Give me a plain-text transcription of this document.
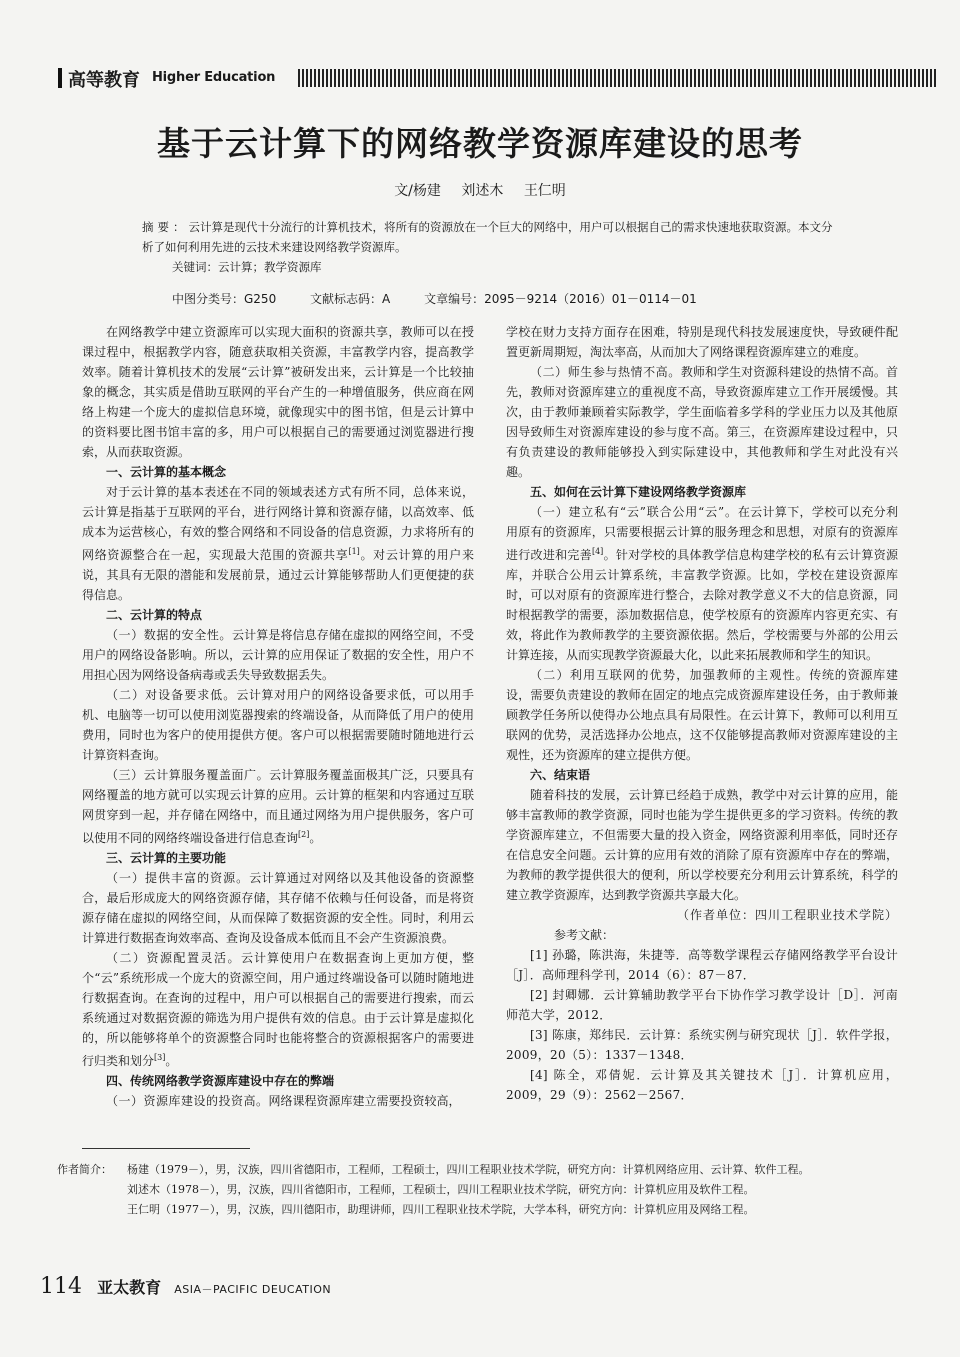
高等教育 Higher Education
基于云计算下的网络教学资源库建设的思考
文/杨建 刘述木 王仁明
摘要：云计算是现代十分流行的计算机技术，将所有的资源放在一个巨大的网络中，用户可以根据自己的需求快速地获取资源。本文分析了如何利用先进的云技术来建设网络教学资源库。
关键词：云计算；教学资源库
中图分类号：G250	文献标志码：A	文章编号：2095－9214（2016）01－0114－01

在网络教学中建立资源库可以实现大面积的资源共享，教师可以在授课过程中，根据教学内容，随意获取相关资源，丰富教学内容，提高教学效率。随着计算机技术的发展“云计算”被研发出来，云计算是一个比较抽象的概念，其实质是借助互联网的平台产生的一种增值服务，供应商在网络上构建一个庞大的虚拟信息环境，就像现实中的图书馆，但是云计算中的资料要比图书馆丰富的多，用户可以根据自己的需要通过浏览器进行搜索，从而获取资源。

一、云计算的基本概念

对于云计算的基本表述在不同的领域表述方式有所不同，总体来说，云计算是指基于互联网的平台，进行网络计算和资源存储，以高效率、低成本为运营核心，有效的整合网络和不同设备的信息资源，力求将所有的网络资源整合在一起，实现最大范围的资源共享[1]。对云计算的用户来说，其具有无限的潜能和发展前景，通过云计算能够帮助人们更便捷的获得信息。

二、云计算的特点

（一）数据的安全性。云计算是将信息存储在虚拟的网络空间，不受用户的网络设备影响。所以，云计算的应用保证了数据的安全性，用户不用担心因为网络设备病毒或丢失导致数据丢失。

（二）对设备要求低。云计算对用户的网络设备要求低，可以用手机、电脑等一切可以使用浏览器搜索的终端设备，从而降低了用户的使用费用，同时也为客户的使用提供方便。客户可以根据需要随时随地进行云计算资料查询。

（三）云计算服务覆盖面广。云计算服务覆盖面极其广泛，只要具有网络覆盖的地方就可以实现云计算的应用。云计算的框架和内容通过互联网贯穿到一起，并存储在网络中，而且通过网络为用户提供服务，客户可以使用不同的网络终端设备进行信息查询[2]。

三、云计算的主要功能

（一）提供丰富的资源。云计算通过对网络以及其他设备的资源整合，最后形成庞大的网络资源存储，其存储不依赖与任何设备，而是将资源存储在虚拟的网络空间，从而保障了数据资源的安全性。同时，利用云计算进行数据查询效率高、查询及设备成本低而且不会产生资源浪费。

（二）资源配置灵活。云计算使用户在数据查询上更加方便，整个“云”系统形成一个庞大的资源空间，用户通过终端设备可以随时随地进行数据查询。在查询的过程中，用户可以根据自己的需要进行搜索，而云系统通过对数据资源的筛选为用户提供有效的信息。由于云计算是虚拟化的，所以能够将单个的资源整合同时也能将整合的资源根据客户的需要进行归类和划分[3]。

四、传统网络教学资源库建设中存在的弊端

（一）资源库建设的投资高。网络课程资源库建立需要投资较高，

学校在财力支持方面存在困难，特别是现代科技发展速度快，导致硬件配置更新周期短，淘汰率高，从而加大了网络课程资源库建立的难度。

（二）师生参与热情不高。教师和学生对资源科建设的热情不高。首先，教师对资源库建立的重视度不高，导致资源库建立工作开展缓慢。其次，由于教师兼顾着实际教学，学生面临着多学科的学业压力以及其他原因导致师生对资源库建设的参与度不高。第三，在资源库建设过程中，只有负责建设的教师能够投入到实际建设中，其他教师和学生对此没有兴趣。

五、如何在云计算下建设网络教学资源库

（一）建立私有“云”联合公用“云”。在云计算下，学校可以充分利用原有的资源库，只需要根据云计算的服务理念和思想，对原有的资源库进行改进和完善[4]。针对学校的具体教学信息构建学校的私有云计算资源库，并联合公用云计算系统，丰富教学资源。比如，学校在建设资源库时，可以对原有的资源库进行整合，去除对教学意义不大的信息资源，同时根据教学的需要，添加数据信息，使学校原有的资源库内容更充实、有效，将此作为教师教学的主要资源依据。然后，学校需要与外部的公用云计算连接，从而实现教学资源最大化，以此来拓展教师和学生的知识。

（二）利用互联网的优势，加强教师的主观性。传统的资源库建设，需要负责建设的教师在固定的地点完成资源库建设任务，由于教师兼顾教学任务所以使得办公地点具有局限性。在云计算下，教师可以利用互联网的优势，灵活选择办公地点，这不仅能够提高教师对资源库建设的主观性，还为资源库的建立提供方便。

六、结束语

随着科技的发展，云计算已经趋于成熟，教学中对云计算的应用，能够丰富教师的教学资源，同时也能为学生提供更多的学习资料。传统的教学资源库建立，不但需要大量的投入资金，网络资源利用率低，同时还存在信息安全问题。云计算的应用有效的消除了原有资源库中存在的弊端，为教师的教学提供很大的便利，所以学校要充分利用云计算系统，科学的建立教学资源库，达到教学资源共享最大化。

（作者单位：四川工程职业技术学院）

参考文献：

[1] 孙璐，陈洪海，朱捷等．高等数学课程云存储网络教学平台设计［J］．高师理科学刊，2014（6）：87－87．

[2] 封卿娜．云计算辅助教学平台下协作学习教学设计［D］．河南师范大学，2012．

[3] 陈康，郑纬民．云计算：系统实例与研究现状［J］．软件学报，2009，20（5）：1337－1348．

[4] 陈全，邓倩妮．云计算及其关键技术［J］．计算机应用，2009，29（9）：2562－2567．

作者简介：	杨建（1979－），男，汉族，四川省德阳市，工程师，工程硕士，四川工程职业技术学院，研究方向：计算机网络应用、云计算、软件工程。
刘述木（1978－），男，汉族，四川省德阳市，工程师，工程硕士，四川工程职业技术学院，研究方向：计算机应用及软件工程。
王仁明（1977－），男，汉族，四川德阳市，助理讲师，四川工程职业技术学院，大学本科，研究方向：计算机应用及网络工程。
114 亚太教育 ASIA－PACIFIC DEUCATION
